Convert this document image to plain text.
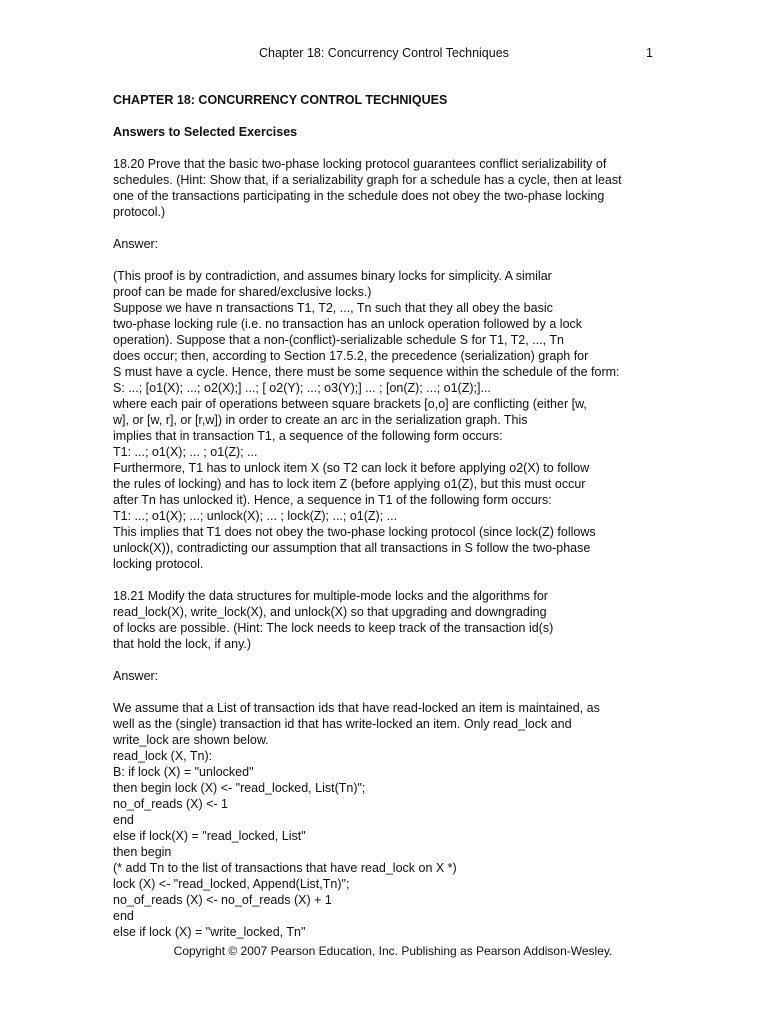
Chapter 18: Concurrency Control Techniques	1
CHAPTER 18: CONCURRENCY CONTROL TECHNIQUES
Answers to Selected Exercises
18.20 Prove that the basic two-phase locking protocol guarantees conflict serializability of
schedules. (Hint: Show that, if a serializability graph for a schedule has a cycle, then at least
one of the transactions participating in the schedule does not obey the two-phase locking
protocol.)
Answer:
(This proof is by contradiction, and assumes binary locks for simplicity. A similar
proof can be made for shared/exclusive locks.)
Suppose we have n transactions T1, T2, ..., Tn such that they all obey the basic
two-phase locking rule (i.e. no transaction has an unlock operation followed by a lock
operation). Suppose that a non-(conflict)-serializable schedule S for T1, T2, ..., Tn
does occur; then, according to Section 17.5.2, the precedence (serialization) graph for
S must have a cycle. Hence, there must be some sequence within the schedule of the form:
S: ...; [o1(X); ...; o2(X);] ...; [ o2(Y); ...; o3(Y);] ... ; [on(Z); ...; o1(Z);]...
where each pair of operations between square brackets [o,o] are conflicting (either [w,
w], or [w, r], or [r,w]) in order to create an arc in the serialization graph. This
implies that in transaction T1, a sequence of the following form occurs:
T1: ...; o1(X); ... ; o1(Z); ...
Furthermore, T1 has to unlock item X (so T2 can lock it before applying o2(X) to follow
the rules of locking) and has to lock item Z (before applying o1(Z), but this must occur
after Tn has unlocked it). Hence, a sequence in T1 of the following form occurs:
T1: ...; o1(X); ...; unlock(X); ... ; lock(Z); ...; o1(Z); ...
This implies that T1 does not obey the two-phase locking protocol (since lock(Z) follows
unlock(X)), contradicting our assumption that all transactions in S follow the two-phase
locking protocol.
18.21 Modify the data structures for multiple-mode locks and the algorithms for
read_lock(X), write_lock(X), and unlock(X) so that upgrading and downgrading
of locks are possible. (Hint: The lock needs to keep track of the transaction id(s)
that hold the lock, if any.)
Answer:
We assume that a List of transaction ids that have read-locked an item is maintained, as
well as the (single) transaction id that has write-locked an item. Only read_lock and
write_lock are shown below.
read_lock (X, Tn):
B: if lock (X) = "unlocked"
then begin lock (X) <- "read_locked, List(Tn)";
no_of_reads (X) <- 1
end
else if lock(X) = "read_locked, List"
then begin
(* add Tn to the list of transactions that have read_lock on X *)
lock (X) <- "read_locked, Append(List,Tn)";
no_of_reads (X) <- no_of_reads (X) + 1
end
else if lock (X) = "write_locked, Tn"
Copyright © 2007 Pearson Education, Inc. Publishing as Pearson Addison-Wesley.
